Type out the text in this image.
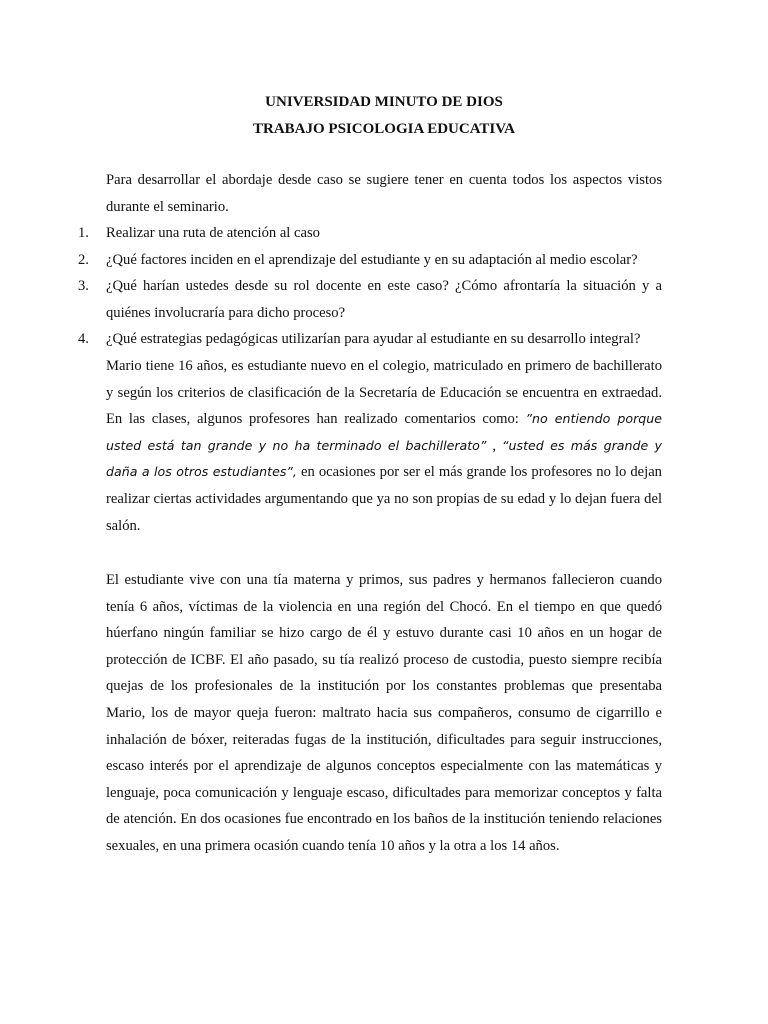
UNIVERSIDAD MINUTO DE DIOS
TRABAJO PSICOLOGIA EDUCATIVA
Para desarrollar el abordaje desde caso se sugiere tener en cuenta todos los aspectos vistos durante el seminario.
1. Realizar una ruta de atención al caso
2. ¿Qué factores inciden en el aprendizaje del estudiante y en su adaptación al medio escolar?
3. ¿Qué harían ustedes desde su rol docente en este caso? ¿Cómo afrontaría la situación y a quiénes involucraría para dicho proceso?
4. ¿Qué estrategias pedagógicas utilizarían para ayudar al estudiante en su desarrollo integral?
Mario tiene 16 años, es estudiante nuevo en el colegio, matriculado en primero de bachillerato y según los criterios de clasificación de la Secretaría de Educación se encuentra en extraedad. En las clases, algunos profesores han realizado comentarios como: ”no entiendo porque usted está tan grande y no ha terminado el bachillerato” , “usted es más grande y daña a los otros estudiantes”, en ocasiones por ser el más grande los profesores no lo dejan realizar ciertas actividades argumentando que ya no son propias de su edad y lo dejan fuera del salón.
El estudiante vive con una tía materna y primos, sus padres y hermanos fallecieron cuando tenía 6 años, víctimas de la violencia en una región del Chocó. En el tiempo en que quedó húerfano ningún familiar se hizo cargo de él y estuvo durante casi 10 años en un hogar de protección de ICBF. El año pasado, su tía realizó proceso de custodia, puesto siempre recibía quejas de los profesionales de la institución por los constantes problemas que presentaba Mario, los de mayor queja fueron: maltrato hacia sus compañeros, consumo de cigarrillo e inhalación de bóxer, reiteradas fugas de la institución, dificultades para seguir instrucciones, escaso interés por el aprendizaje de algunos conceptos especialmente con las matemáticas y lenguaje, poca comunicación y lenguaje escaso, dificultades para memorizar conceptos y falta de atención. En dos ocasiones fue encontrado en los baños de la institución teniendo relaciones sexuales, en una primera ocasión cuando tenía 10 años y la otra a los 14 años.
